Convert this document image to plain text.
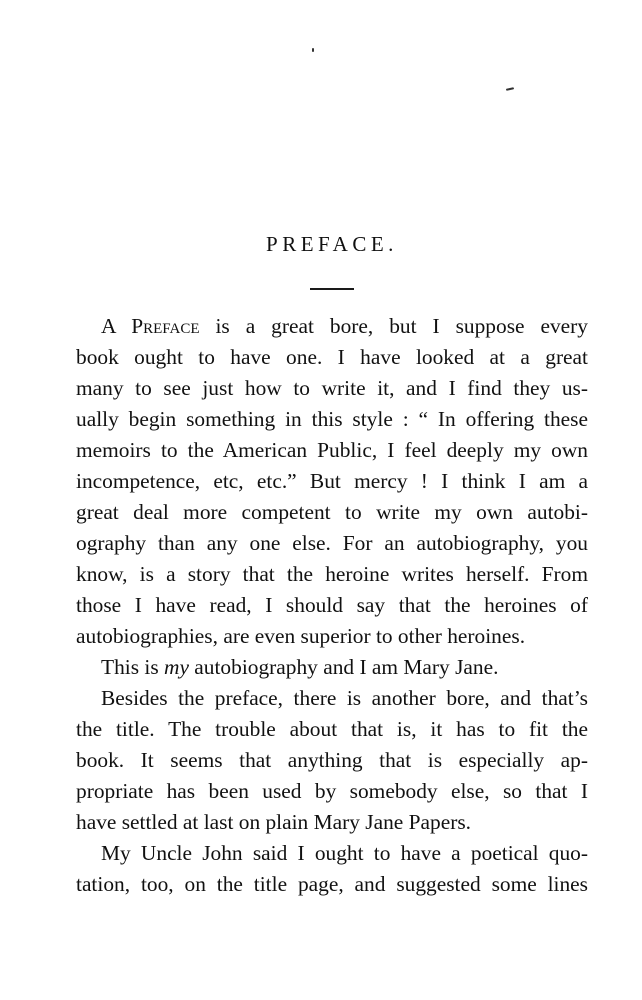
PREFACE.
A Preface is a great bore, but I suppose every
book ought to have one. I have looked at a great
many to see just how to write it, and I find they us-
ually begin something in this style : “ In offering these
memoirs to the American Public, I feel deeply my own
incompetence, etc, etc.” But mercy ! I think I am a
great deal more competent to write my own autobi-
ography than any one else. For an autobiography, you
know, is a story that the heroine writes herself. From
those I have read, I should say that the heroines of
autobiographies, are even superior to other heroines.
This is my autobiography and I am Mary Jane.
Besides the preface, there is another bore, and that’s
the title. The trouble about that is, it has to fit the
book. It seems that anything that is especially ap-
propriate has been used by somebody else, so that I
have settled at last on plain Mary Jane Papers.
My Uncle John said I ought to have a poetical quo-
tation, too, on the title page, and suggested some lines
